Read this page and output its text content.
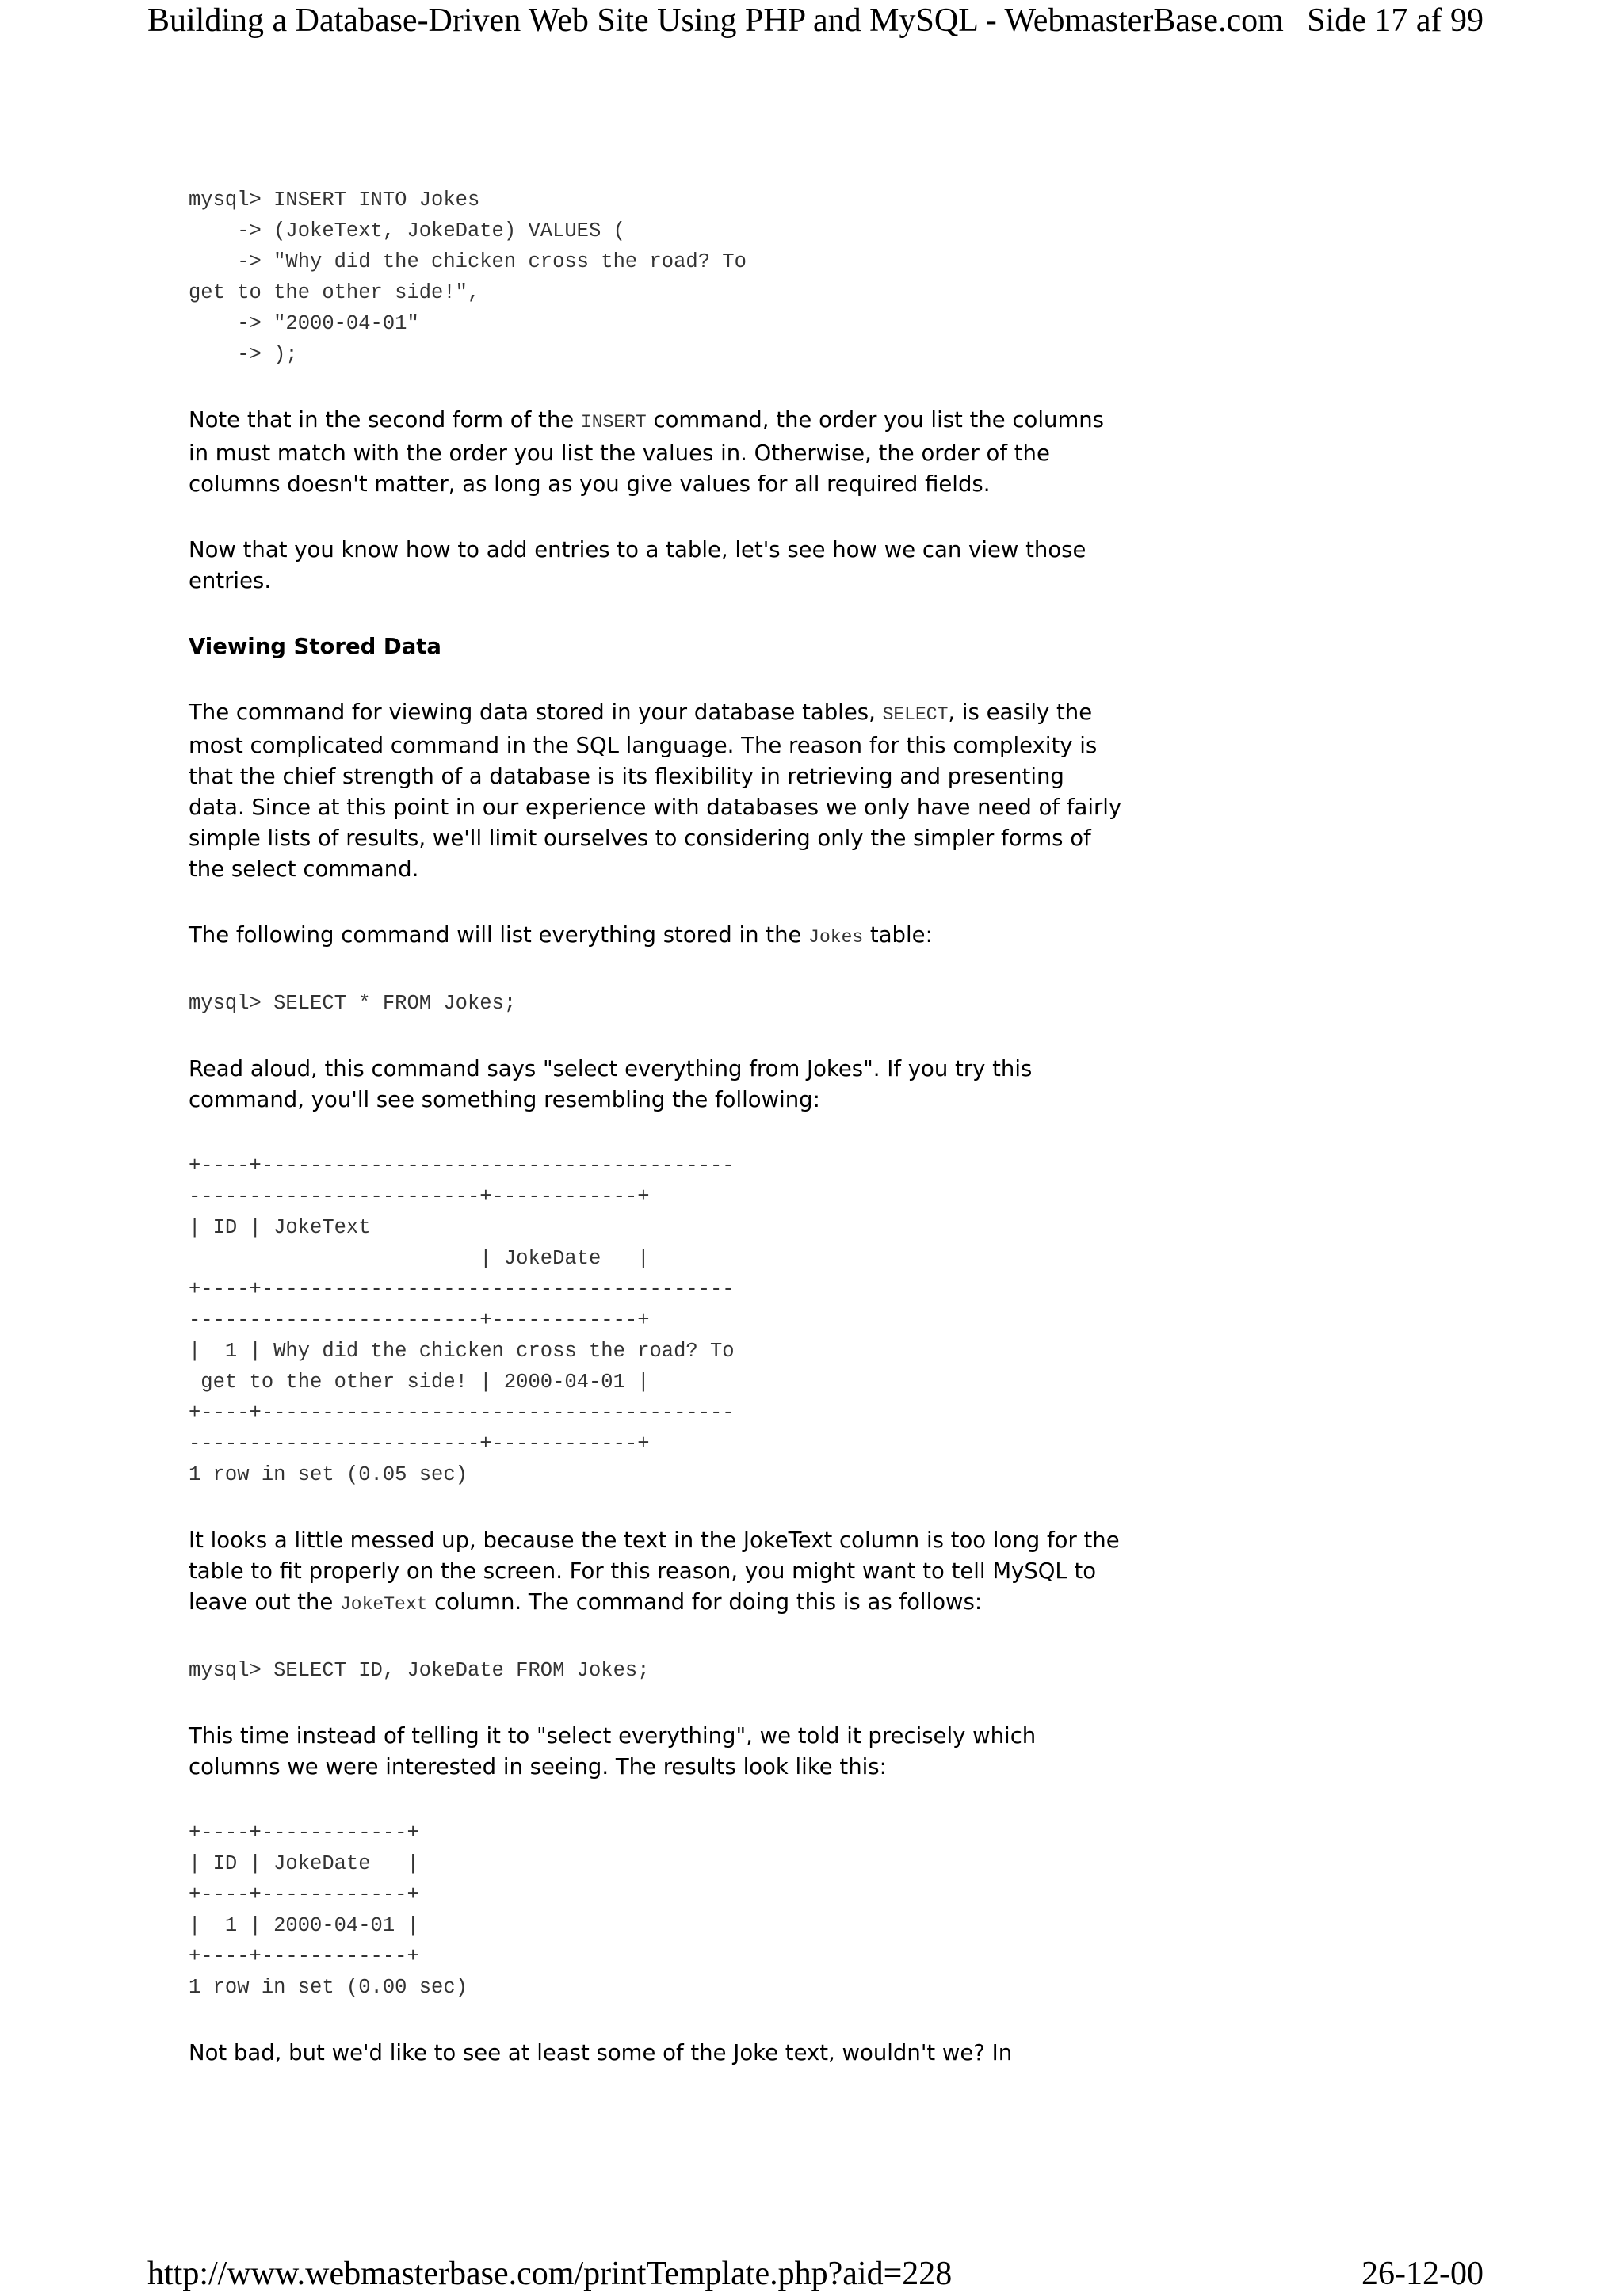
Building a Database-Driven Web Site Using PHP and MySQL - WebmasterBase.com Side 17 af 99
mysql> INSERT INTO Jokes
-> (JokeText, JokeDate) VALUES (
-> "Why did the chicken cross the road? To
get to the other side!",
-> "2000-04-01"
-> );

Note that in the second form of the INSERT command, the order you list the columns in must match with the order you list the values in. Otherwise, the order of the columns doesn't matter, as long as you give values for all required fields.

Now that you know how to add entries to a table, let's see how we can view those entries.

Viewing Stored Data

The command for viewing data stored in your database tables, SELECT, is easily the most complicated command in the SQL language. The reason for this complexity is that the chief strength of a database is its flexibility in retrieving and presenting data. Since at this point in our experience with databases we only have need of fairly simple lists of results, we'll limit ourselves to considering only the simpler forms of the select command.

The following command will list everything stored in the Jokes table:

mysql> SELECT * FROM Jokes;

Read aloud, this command says "select everything from Jokes". If you try this command, you'll see something resembling the following:

+----+---------------------------------------
------------------------+------------+
| ID | JokeText
| JokeDate   |
+----+---------------------------------------
------------------------+------------+
|  1 | Why did the chicken cross the road? To
get to the other side! | 2000-04-01 |
+----+---------------------------------------
------------------------+------------+
1 row in set (0.05 sec)

It looks a little messed up, because the text in the JokeText column is too long for the table to fit properly on the screen. For this reason, you might want to tell MySQL to leave out the JokeText column. The command for doing this is as follows:

mysql> SELECT ID, JokeDate FROM Jokes;

This time instead of telling it to "select everything", we told it precisely which columns we were interested in seeing. The results look like this:

+----+------------+
| ID | JokeDate   |
+----+------------+
|  1 | 2000-04-01 |
+----+------------+
1 row in set (0.00 sec)

Not bad, but we'd like to see at least some of the Joke text, wouldn't we? In

http://www.webmasterbase.com/printTemplate.php?aid=228	26-12-00
